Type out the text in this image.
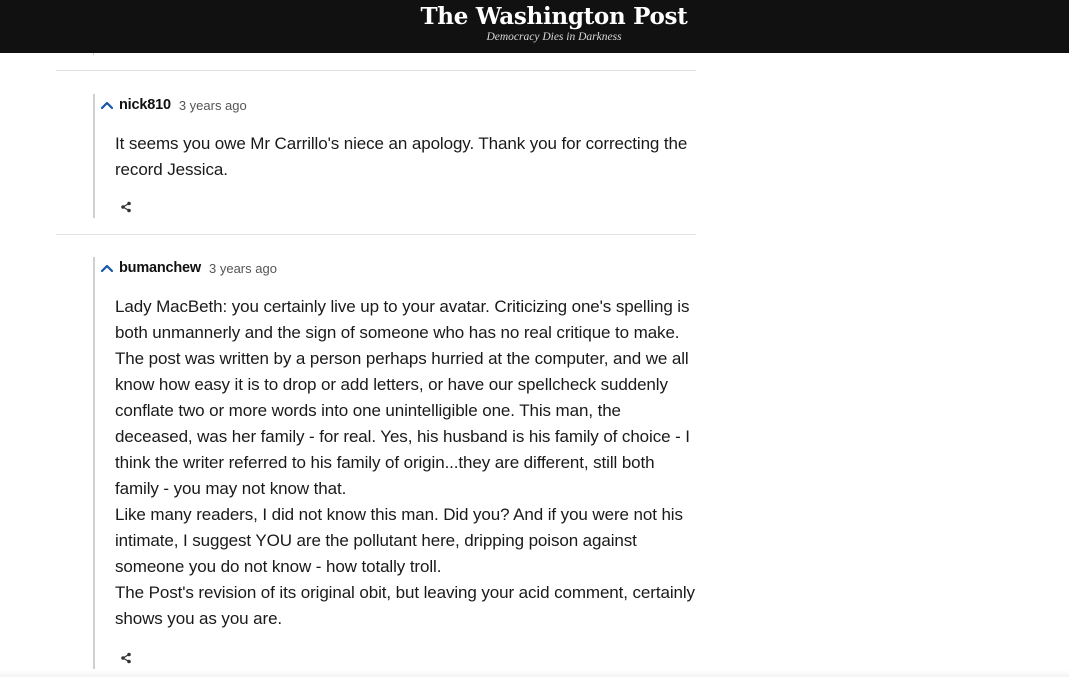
nick810 3 years ago

It seems you owe Mr Carrillo's niece an apology. Thank you for correcting the record Jessica.

bumanchew 3 years ago

Lady MacBeth: you certainly live up to your avatar. Criticizing one's spelling is both unmannerly and the sign of someone who has no real critique to make.

The post was written by a person perhaps hurried at the computer, and we all know how easy it is to drop or add letters, or have our spellcheck suddenly conflate two or more words into one unintelligible one. This man, the deceased, was her family - for real. Yes, his husband is his family of choice - I think the writer referred to his family of origin...they are different, still both family - you may not know that.

Like many readers, I did not know this man. Did you? And if you were not his intimate, I suggest YOU are the pollutant here, dripping poison against someone you do not know - how totally troll.

The Post's revision of its original obit, but leaving your acid comment, certainly shows you as you are.

The Washington Post
Democracy Dies in Darkness
